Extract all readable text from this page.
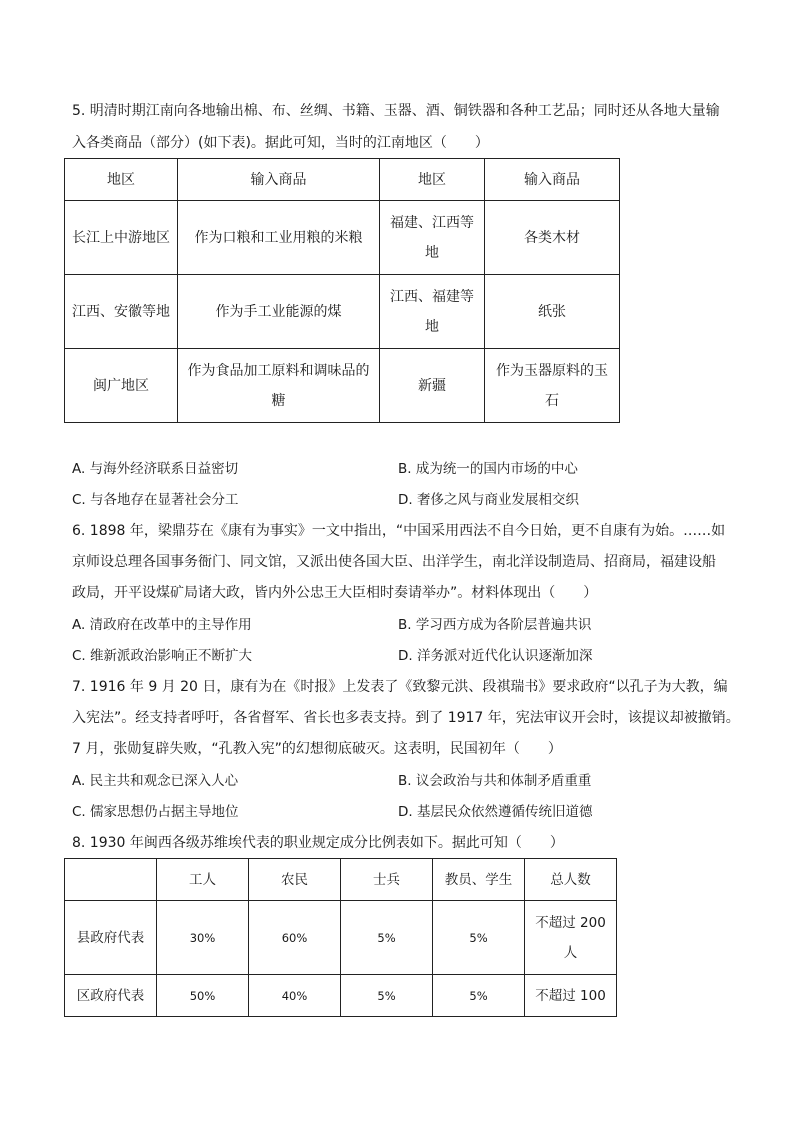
5. 明清时期江南向各地输出棉、布、丝绸、书籍、玉器、酒、铜铁器和各种工艺品；同时还从各地大量输
入各类商品（部分）(如下表)。据此可知，当时的江南地区（　　）
地区	输入商品	地区	输入商品
长江上中游地区	作为口粮和工业用粮的米粮	福建、江西等地	各类木材
江西、安徽等地	作为手工业能源的煤	江西、福建等地	纸张
闽广地区	作为食品加工原料和调味品的糖	新疆	作为玉器原料的玉石
A. 与海外经济联系日益密切	B. 成为统一的国内市场的中心
C. 与各地存在显著社会分工	D. 奢侈之风与商业发展相交织
6. 1898 年，梁鼎芬在《康有为事实》一文中指出，“中国采用西法不自今日始，更不自康有为始。……如
京师设总理各国事务衙门、同文馆，又派出使各国大臣、出洋学生，南北洋设制造局、招商局，福建设船
政局，开平设煤矿局诸大政，皆内外公忠王大臣相时奏请举办”。材料体现出（　　）
A. 清政府在改革中的主导作用	B. 学习西方成为各阶层普遍共识
C. 维新派政治影响正不断扩大	D. 洋务派对近代化认识逐渐加深
7. 1916 年 9 月 20 日，康有为在《时报》上发表了《致黎元洪、段祺瑞书》要求政府“以孔子为大教，编
入宪法”。经支持者呼吁，各省督军、省长也多表支持。到了 1917 年，宪法审议开会时，该提议却被撤销。
7 月，张勋复辟失败，“孔教入宪”的幻想彻底破灭。这表明，民国初年（　　）
A. 民主共和观念已深入人心	B. 议会政治与共和体制矛盾重重
C. 儒家思想仍占据主导地位	D. 基层民众依然遵循传统旧道德
8. 1930 年闽西各级苏维埃代表的职业规定成分比例表如下。据此可知（　　）
	工人	农民	士兵	教员、学生	总人数
县政府代表	30%	60%	5%	5%	不超过 200 人
区政府代表	50%	40%	5%	5%	不超过 100
